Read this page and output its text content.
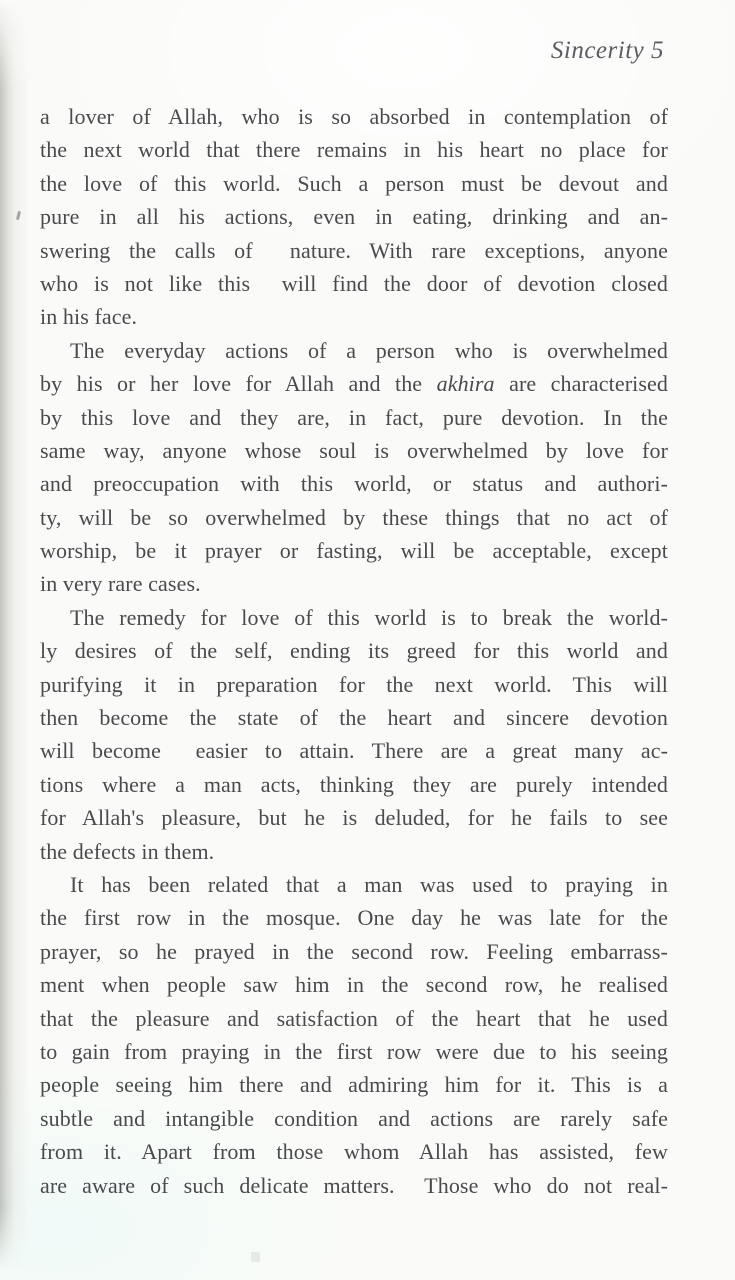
Sincerity 5
a lover of Allah, who is so absorbed in contemplation of
the next world that there remains in his heart no place for
the love of this world. Such a person must be devout and
pure in all his actions, even in eating, drinking and an-
swering the calls of  nature. With rare exceptions, anyone
who is not like this  will find the door of devotion closed
in his face.
The everyday actions of a person who is overwhelmed
by his or her love for Allah and the akhira are characterised
by this love and they are, in fact, pure devotion. In the
same way, anyone whose soul is overwhelmed by love for
and preoccupation with this world, or status and authori-
ty, will be so overwhelmed by these things that no act of
worship, be it prayer or fasting, will be acceptable, except
in very rare cases.
The remedy for love of this world is to break the world-
ly desires of the self, ending its greed for this world and
purifying it in preparation for the next world. This will
then become the state of the heart and sincere devotion
will become  easier to attain. There are a great many ac-
tions where a man acts, thinking they are purely intended
for Allah's pleasure, but he is deluded, for he fails to see
the defects in them.
It has been related that a man was used to praying in
the first row in the mosque. One day he was late for the
prayer, so he prayed in the second row. Feeling embarrass-
ment when people saw him in the second row, he realised
that the pleasure and satisfaction of the heart that he used
to gain from praying in the first row were due to his seeing
people seeing him there and admiring him for it. This is a
subtle and intangible condition and actions are rarely safe
from it. Apart from those whom Allah has assisted, few
are aware of such delicate matters.  Those who do not real-
